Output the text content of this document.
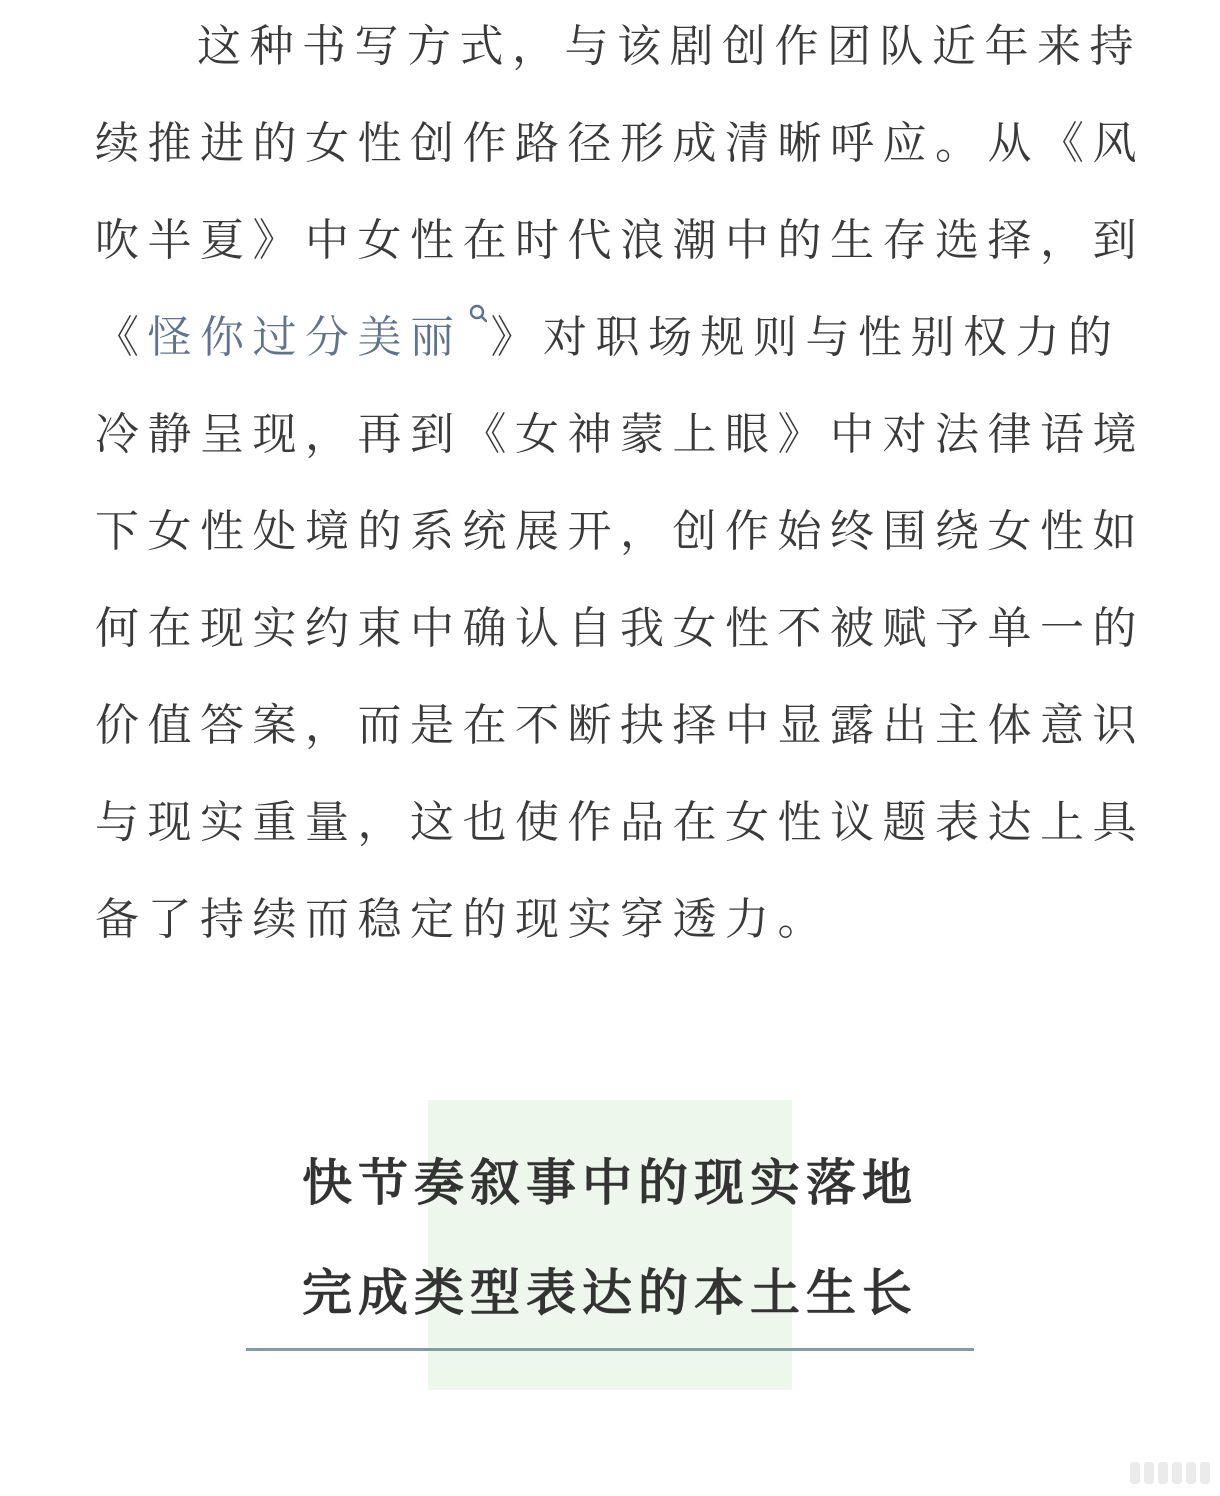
这种书写方式，与该剧创作团队近年来持
续推进的女性创作路径形成清晰呼应。从《风
吹半夏》中女性在时代浪潮中的生存选择，到
《怪你过分美丽 》对职场规则与性别权力的
冷静呈现，再到《女神蒙上眼》中对法律语境
下女性处境的系统展开，创作始终围绕女性如
何在现实约束中确认自我女性不被赋予单一的
价值答案，而是在不断抉择中显露出主体意识
与现实重量，这也使作品在女性议题表达上具
备了持续而稳定的现实穿透力。
快节奏叙事中的现实落地
完成类型表达的本土生长
